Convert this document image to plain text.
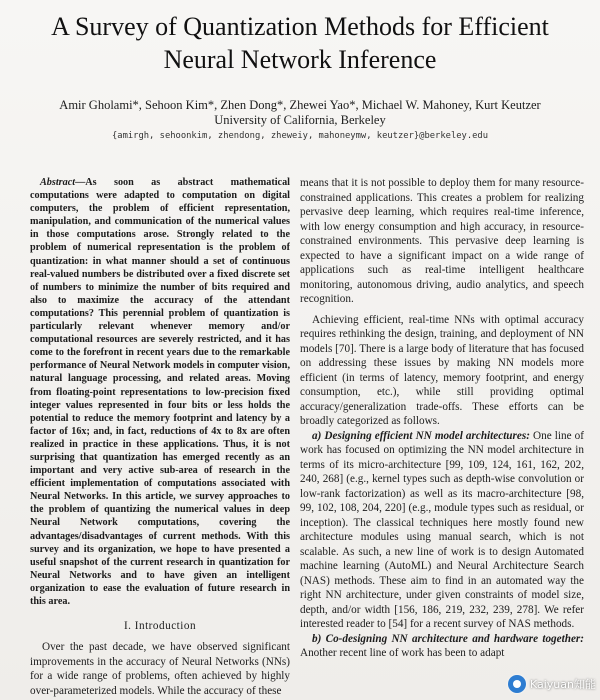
A Survey of Quantization Methods for Efficient
Neural Network Inference
Amir Gholami*, Sehoon Kim*, Zhen Dong*, Zhewei Yao*, Michael W. Mahoney, Kurt Keutzer
University of California, Berkeley
{amirgh, sehoonkim, zhendong, zheweiy, mahoneymw, keutzer}@berkeley.edu

Abstract—As soon as abstract mathematical computations were adapted to computation on digital computers, the problem of efficient representation, manipulation, and communication of the numerical values in those computations arose. Strongly related to the problem of numerical representation is the problem of quantization: in what manner should a set of continuous real-valued numbers be distributed over a fixed discrete set of numbers to minimize the number of bits required and also to maximize the accuracy of the attendant computations? This perennial problem of quantization is particularly relevant whenever memory and/or computational resources are severely restricted, and it has come to the forefront in recent years due to the remarkable performance of Neural Network models in computer vision, natural language processing, and related areas. Moving from floating-point representations to low-precision fixed integer values represented in four bits or less holds the potential to reduce the memory footprint and latency by a factor of 16x; and, in fact, reductions of 4x to 8x are often realized in practice in these applications. Thus, it is not surprising that quantization has emerged recently as an important and very active sub-area of research in the efficient implementation of computations associated with Neural Networks. In this article, we survey approaches to the problem of quantizing the numerical values in deep Neural Network computations, covering the advantages/disadvantages of current methods. With this survey and its organization, we hope to have presented a useful snapshot of the current research in quantization for Neural Networks and to have given an intelligent organization to ease the evaluation of future research in this area.

I. Introduction

Over the past decade, we have observed significant improvements in the accuracy of Neural Networks (NNs) for a wide range of problems, often achieved by highly over-parameterized models. While the accuracy of these

means that it is not possible to deploy them for many resource-constrained applications. This creates a problem for realizing pervasive deep learning, which requires real-time inference, with low energy consumption and high accuracy, in resource-constrained environments. This pervasive deep learning is expected to have a significant impact on a wide range of applications such as real-time intelligent healthcare monitoring, autonomous driving, audio analytics, and speech recognition.

Achieving efficient, real-time NNs with optimal accuracy requires rethinking the design, training, and deployment of NN models [70]. There is a large body of literature that has focused on addressing these issues by making NN models more efficient (in terms of latency, memory footprint, and energy consumption, etc.), while still providing optimal accuracy/generalization trade-offs. These efforts can be broadly categorized as follows.

a) Designing efficient NN model architectures: One line of work has focused on optimizing the NN model architecture in terms of its micro-architecture [99, 109, 124, 161, 162, 202, 240, 268] (e.g., kernel types such as depth-wise convolution or low-rank factorization) as well as its macro-architecture [98, 99, 102, 108, 204, 220] (e.g., module types such as residual, or inception). The classical techniques here mostly found new architecture modules using manual search, which is not scalable. As such, a new line of work is to design Automated machine learning (AutoML) and Neural Architecture Search (NAS) methods. These aim to find in an automated way the right NN architecture, under given constraints of model size, depth, and/or width [156, 186, 219, 232, 239, 278]. We refer interested reader to [54] for a recent survey of NAS methods.

b) Co-designing NN architecture and hardware together: Another recent line of work has been to adapt

Kaiyuan知能
